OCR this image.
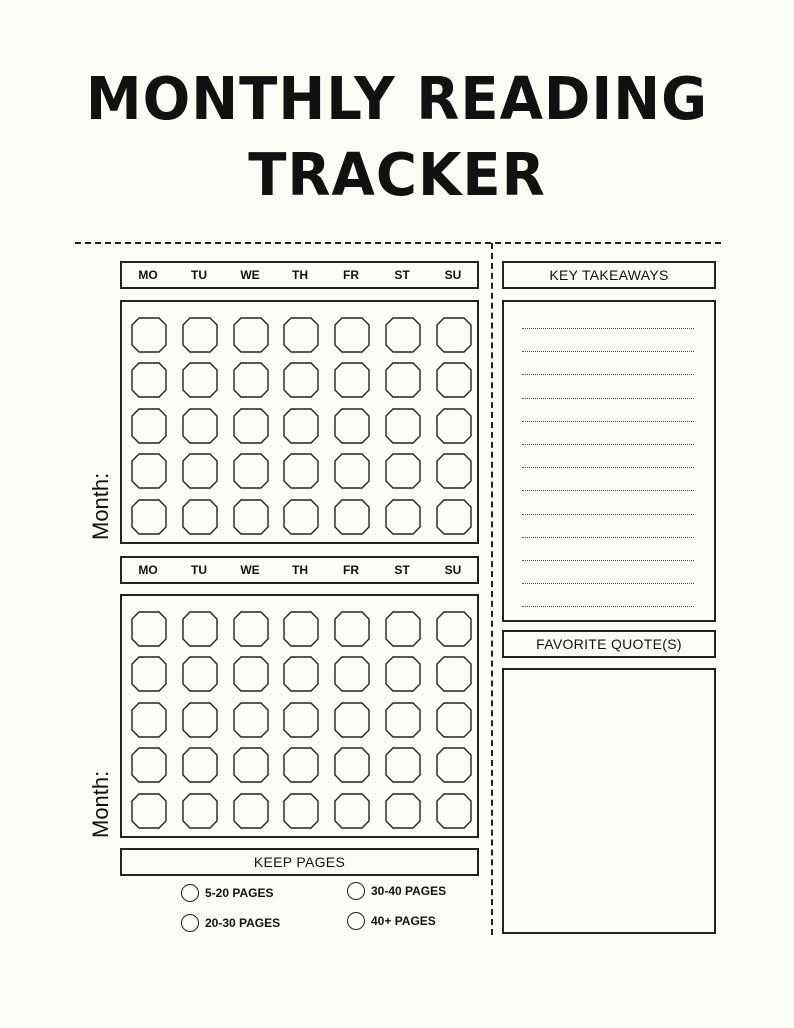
MONTHLY READING
TRACKER
MO	TU	WE	TH	FR	ST	SU
Month:
MO	TU	WE	TH	FR	ST	SU
Month:
KEEP PAGES
5-20 PAGES
20-30 PAGES
30-40 PAGES
40+ PAGES
KEY TAKEAWAYS
FAVORITE QUOTE(S)
